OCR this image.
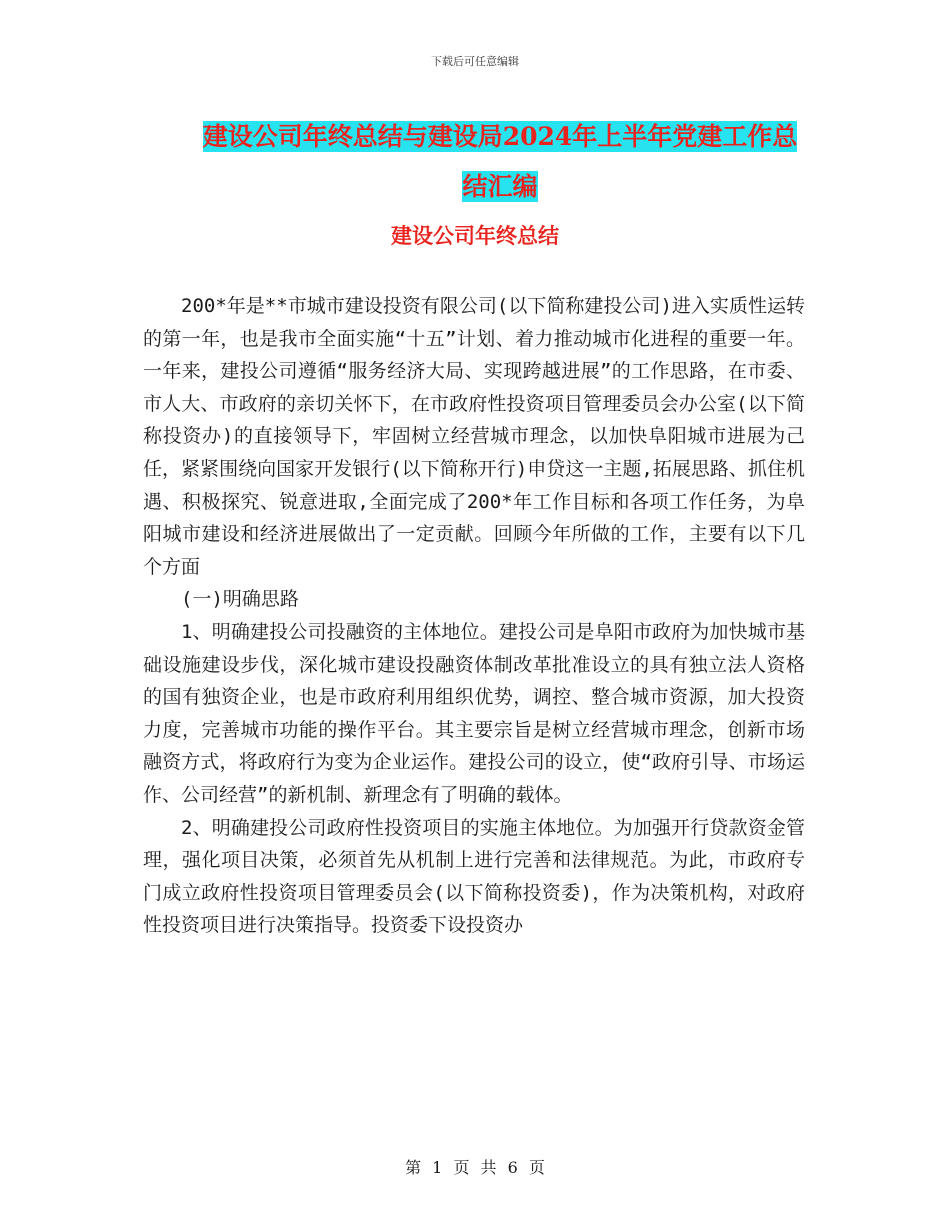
下载后可任意编辑
建设公司年终总结与建设局2024年上半年党建工作总
结汇编
建设公司年终总结

200*年是**市城市建设投资有限公司(以下简称建投公司)进入实质性运转的第一年，也是我市全面实施“十五”计划、着力推动城市化进程的重要一年。一年来，建投公司遵循“服务经济大局、实现跨越进展”的工作思路，在市委、市人大、市政府的亲切关怀下，在市政府性投资项目管理委员会办公室(以下简称投资办)的直接领导下，牢固树立经营城市理念，以加快阜阳城市进展为己任，紧紧围绕向国家开发银行(以下简称开行)申贷这一主题,拓展思路、抓住机遇、积极探究、锐意进取,全面完成了200*年工作目标和各项工作任务，为阜阳城市建设和经济进展做出了一定贡献。回顾今年所做的工作，主要有以下几个方面

(一)明确思路

1、明确建投公司投融资的主体地位。建投公司是阜阳市政府为加快城市基础设施建设步伐，深化城市建设投融资体制改革批准设立的具有独立法人资格的国有独资企业，也是市政府利用组织优势，调控、整合城市资源，加大投资力度，完善城市功能的操作平台。其主要宗旨是树立经营城市理念，创新市场融资方式，将政府行为变为企业运作。建投公司的设立，使“政府引导、市场运作、公司经营”的新机制、新理念有了明确的载体。

2、明确建投公司政府性投资项目的实施主体地位。为加强开行贷款资金管理，强化项目决策，必须首先从机制上进行完善和法律规范。为此，市政府专门成立政府性投资项目管理委员会(以下简称投资委)，作为决策机构，对政府性投资项目进行决策指导。投资委下设投资办

第 1 页 共 6 页
